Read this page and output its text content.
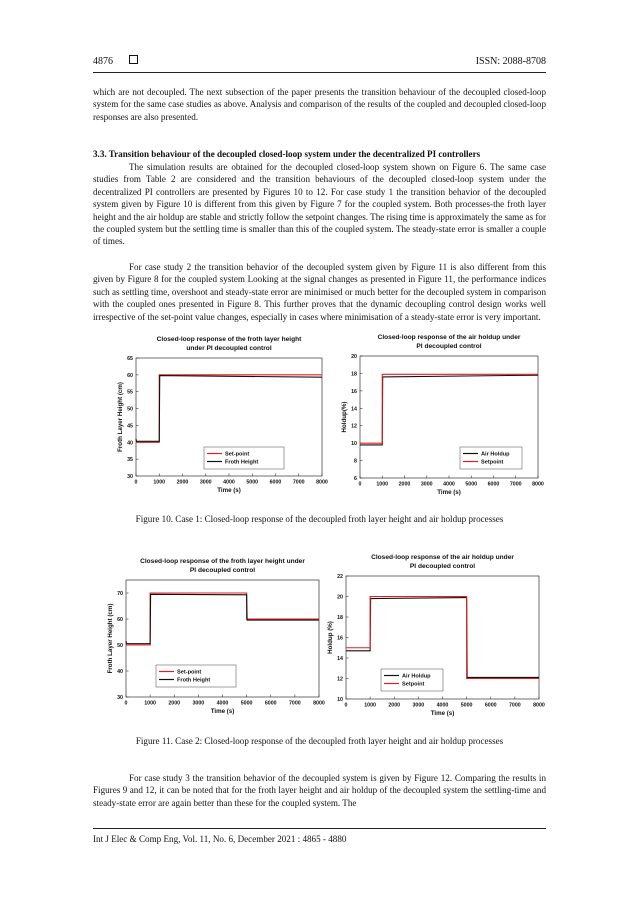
4876	ISSN: 2088-8708

which are not decoupled. The next subsection of the paper presents the transition behaviour of the decoupled closed-loop system for the same case studies as above. Analysis and comparison of the results of the coupled and decoupled closed-loop responses are also presented.

3.3. Transition behaviour of the decoupled closed-loop system under the decentralized PI controllers

The simulation results are obtained for the decoupled closed-loop system shown on Figure 6. The same case studies from Table 2 are considered and the transition behaviours of the decoupled closed-loop system under the decentralized PI controllers are presented by Figures 10 to 12. For case study 1 the transition behavior of the decoupled system given by Figure 10 is different from this given by Figure 7 for the coupled system. Both processes-the froth layer height and the air holdup are stable and strictly follow the setpoint changes. The rising time is approximately the same as for the coupled system but the settling time is smaller than this of the coupled system. The steady-state error is smaller a couple of times.

For case study 2 the transition behavior of the decoupled system given by Figure 11 is also different from this given by Figure 8 for the coupled system Looking at the signal changes as presented in Figure 11, the performance indices such as settling time, overshoot and steady-state error are minimised or much better for the decoupled system in comparison with the coupled ones presented in Figure 8. This further proves that the dynamic decoupling control design works well irrespective of the set-point value changes, especially in cases where minimisation of a steady-state error is very important.

Closed-loop response of the froth layer height
under PI decoupled control
0	1000 2000 3000 4000 5000 6000 7000 8000
30
35
40
45
50
55
60
65
Time (s)
Froth Layer Height (cm)
Set-point
Froth Height
Closed-loop response of the air holdup under
PI decoupled control
0	1000 2000 3000 4000 5000 6000 7000 8000
6
8
10
12
14
16
18
20
Time (s)
Holdup(%)
Air Holdup
Setpoint
Figure 10. Case 1: Closed-loop response of the decoupled froth layer height and air holdup processes
Closed-loop response of the froth layer height under
PI decoupled control
0	1000 2000 3000 4000 5000 6000 7000 8000
30
40
50
60
70
Time (s)
Froth Layer Height (cm)	Set-point
Froth Height
Closed-loop response of the air holdup under
PI decoupled control
0	1000 2000 3000 4000 5000 6000 7000 8000
10
12
14
16
18
20
22
Time (s)
Holdup (%)
Air Holdup
Setpoint
Figure 11. Case 2: Closed-loop response of the decoupled froth layer height and air holdup processes

For case study 3 the transition behavior of the decoupled system is given by Figure 12. Comparing the results in Figures 9 and 12, it can be noted that for the froth layer height and air holdup of the decoupled system the settling-time and steady-state error are again better than these for the coupled system. The

Int J Elec & Comp Eng, Vol. 11, No. 6, December 2021 : 4865 - 4880
